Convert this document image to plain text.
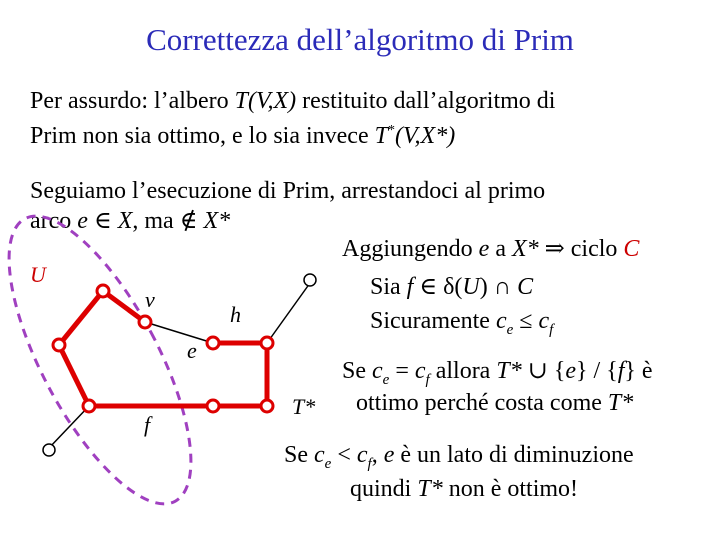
Correttezza dell’algoritmo di Prim
Per assurdo: l’albero T(V,X) restituito dall’algoritmo di
Prim non sia ottimo, e lo sia invece T*(V,X*)
Seguiamo l’esecuzione di Prim, arrestandoci al primo
arco e ∈ X, ma ∉ X*
Aggiungendo e a X* ⇒ ciclo C
Sia f ∈ δ(U) ∩ C
Sicuramente $c_e \le c_f$
Se $c_e = c_f$ allora T* ∪ {e} / {f} è
ottimo perché costa come T*
Se $c_e < c_f$, e è un lato di diminuzione
quindi T* non è ottimo!
U
v
h
e
f
T*
